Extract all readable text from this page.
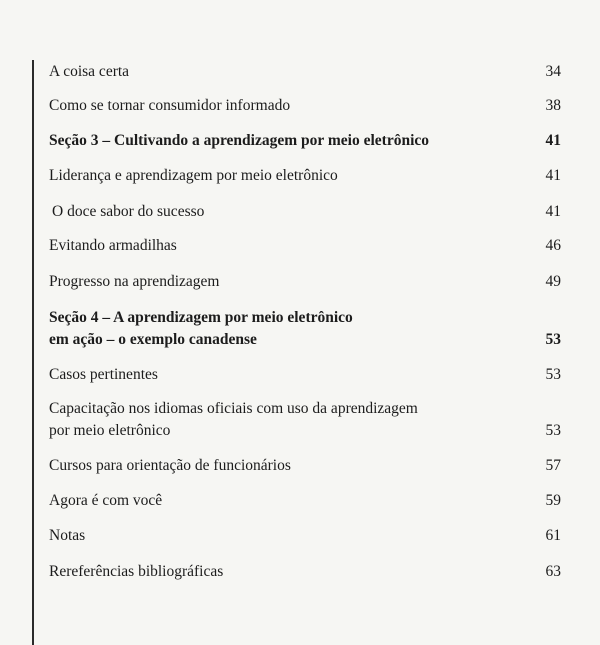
A coisa certa	34
Como se tornar consumidor informado	38
Seção 3 – Cultivando a aprendizagem por meio eletrônico	41
Liderança e aprendizagem por meio eletrônico	41
O doce sabor do sucesso	41
Evitando armadilhas	46
Progresso na aprendizagem	49
Seção 4 – A aprendizagem por meio eletrônico
em ação – o exemplo canadense	53
Casos pertinentes	53
Capacitação nos idiomas oficiais com uso da aprendizagem
por meio eletrônico	53
Cursos para orientação de funcionários	57
Agora é com você	59
Notas	61
Rereferências bibliográficas	63
